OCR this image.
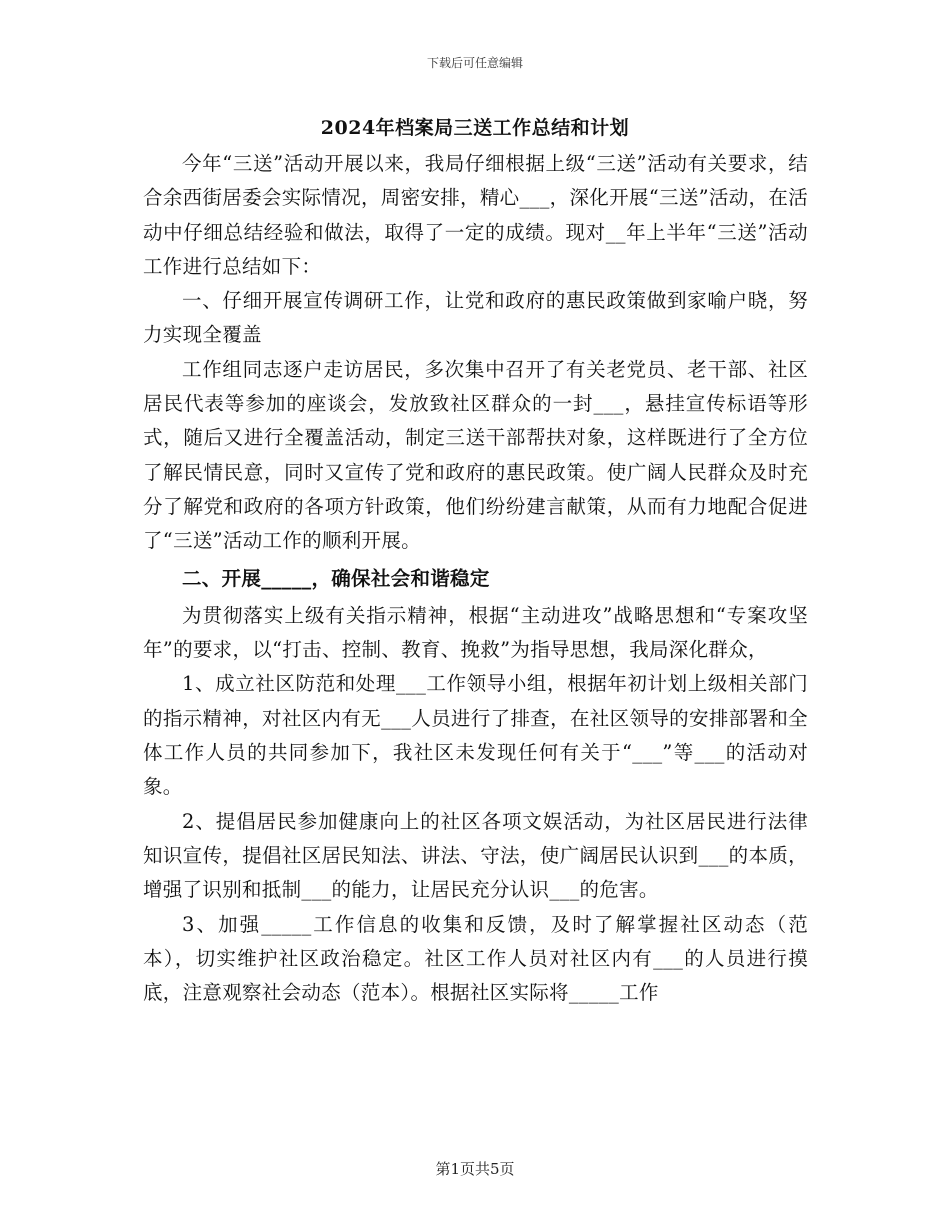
下载后可任意编辑
2024年档案局三送工作总结和计划

今年“三送”活动开展以来，我局仔细根据上级“三送”活动有关要求，结合余西街居委会实际情况，周密安排，精心___，深化开展“三送”活动，在活动中仔细总结经验和做法，取得了一定的成绩。现对__年上半年“三送”活动工作进行总结如下：

一、仔细开展宣传调研工作，让党和政府的惠民政策做到家喻户晓，努力实现全覆盖

工作组同志逐户走访居民，多次集中召开了有关老党员、老干部、社区居民代表等参加的座谈会，发放致社区群众的一封___，悬挂宣传标语等形式，随后又进行全覆盖活动，制定三送干部帮扶对象，这样既进行了全方位了解民情民意，同时又宣传了党和政府的惠民政策。使广阔人民群众及时充分了解党和政府的各项方针政策，他们纷纷建言献策，从而有力地配合促进了“三送”活动工作的顺利开展。

二、开展_____，确保社会和谐稳定

为贯彻落实上级有关指示精神，根据“主动进攻”战略思想和“专案攻坚年”的要求，以“打击、控制、教育、挽救”为指导思想，我局深化群众，

1、成立社区防范和处理___工作领导小组，根据年初计划上级相关部门的指示精神，对社区内有无___人员进行了排查，在社区领导的安排部署和全体工作人员的共同参加下，我社区未发现任何有关于“___”等___的活动对象。

2、提倡居民参加健康向上的社区各项文娱活动，为社区居民进行法律知识宣传，提倡社区居民知法、讲法、守法，使广阔居民认识到___的本质，增强了识别和抵制___的能力，让居民充分认识___的危害。

3、加强_____工作信息的收集和反馈，及时了解掌握社区动态（范本），切实维护社区政治稳定。社区工作人员对社区内有___的人员进行摸底，注意观察社会动态（范本）。根据社区实际将_____工作

第1页共5页
